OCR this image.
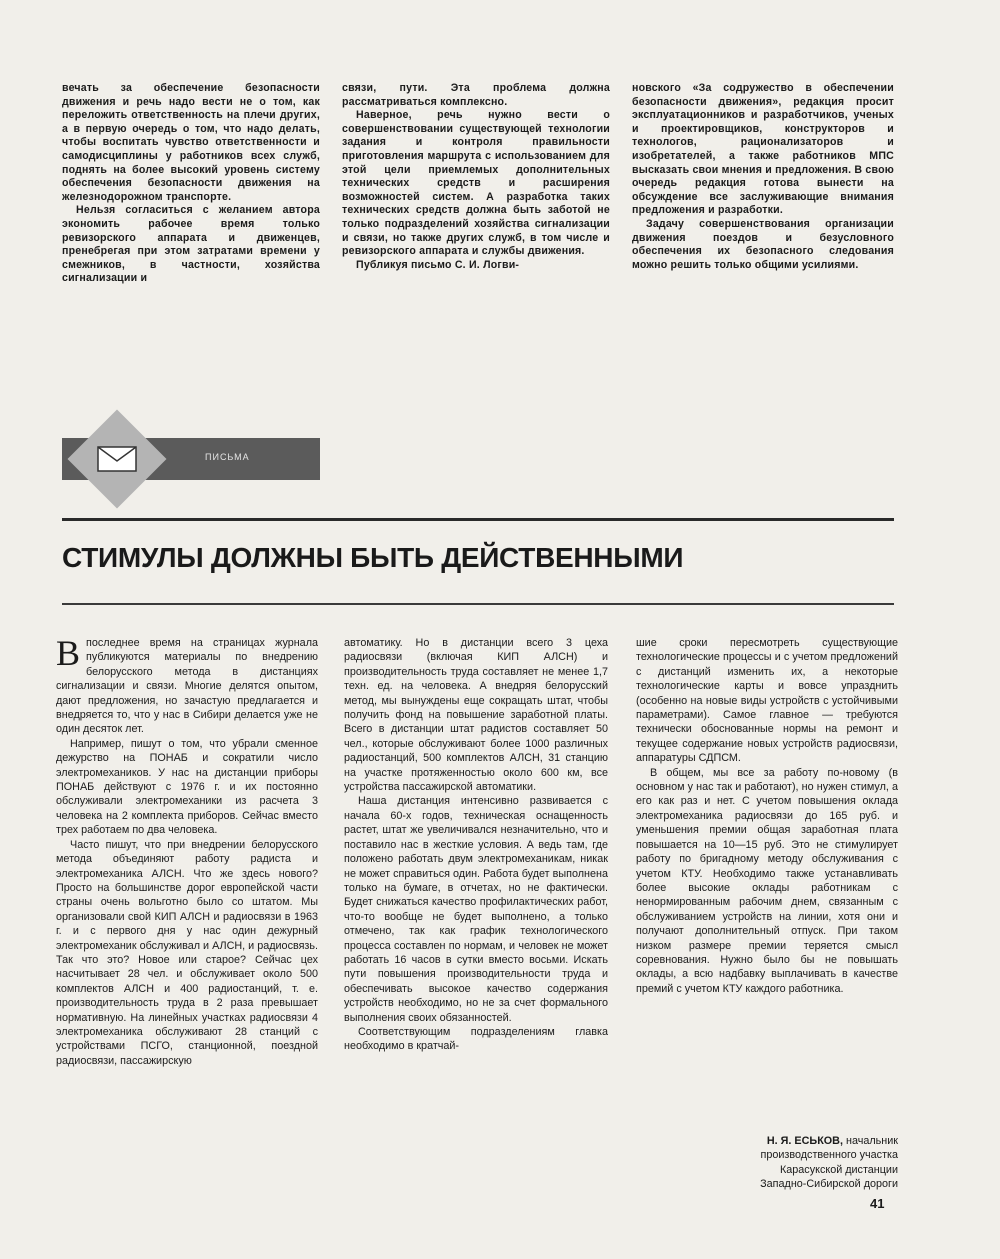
вечать за обеспечение безопасности движения и речь надо вести не о том, как переложить ответственность на плечи других, а в первую очередь о том, что надо делать, чтобы воспитать чувство ответственности и самодисциплины у работников всех служб, поднять на более высокий уровень систему обеспечения безопасности движения на железнодорожном транспорте.

Нельзя согласиться с желанием автора экономить рабочее время только ревизорского аппарата и движенцев, пренебрегая при этом затратами времени у смежников, в частности, хозяйства сигнализации и

связи, пути. Эта проблема должна рассматриваться комплексно.

Наверное, речь нужно вести о совершенствовании существующей технологии задания и контроля правильности приготовления маршрута с использованием для этой цели приемлемых дополнительных технических средств и расширения возможностей систем. А разработка таких технических средств должна быть заботой не только подразделений хозяйства сигнализации и связи, но также других служб, в том числе и ревизорского аппарата и службы движения.

Публикуя письмо С. И. Логви-

новского «За содружество в обеспечении безопасности движения», редакция просит эксплуатационников и разработчиков, ученых и проектировщиков, конструкторов и технологов, рационализаторов и изобретателей, а также работников МПС высказать свои мнения и предложения. В свою очередь редакция готова вынести на обсуждение все заслуживающие внимания предложения и разработки.

Задачу совершенствования организации движения поездов и безусловного обеспечения их безопасного следования можно решить только общими усилиями.

ПИСЬМА
СТИМУЛЫ ДОЛЖНЫ БЫТЬ ДЕЙСТВЕННЫМИ

Впоследнее время на страницах журнала публикуются материалы по внедрению белорусского метода в дистанциях сигнализации и связи. Многие делятся опытом, дают предложения, но зачастую предлагается и внедряется то, что у нас в Сибири делается уже не один десяток лет.

Например, пишут о том, что убрали сменное дежурство на ПОНАБ и сократили число электромехаников. У нас на дистанции приборы ПОНАБ действуют с 1976 г. и их постоянно обслуживали электромеханики из расчета 3 человека на 2 комплекта приборов. Сейчас вместо трех работаем по два человека.

Часто пишут, что при внедрении белорусского метода объединяют работу радиста и электромеханика АЛСН. Что же здесь нового? Просто на большинстве дорог европейской части страны очень вольготно было со штатом. Мы организовали свой КИП АЛСН и радиосвязи в 1963 г. и с первого дня у нас один дежурный электромеханик обслуживал и АЛСН, и радиосвязь. Так что это? Новое или старое? Сейчас цех насчитывает 28 чел. и обслуживает около 500 комплектов АЛСН и 400 радиостанций, т. е. производительность труда в 2 раза превышает нормативную. На линейных участках радиосвязи 4 электромеханика обслуживают 28 станций с устройствами ПСГО, станционной, поездной радиосвязи, пассажирскую

автоматику. Но в дистанции всего 3 цеха радиосвязи (включая КИП АЛСН) и производительность труда составляет не менее 1,7 техн. ед. на человека. А внедряя белорусский метод, мы вынуждены еще сокращать штат, чтобы получить фонд на повышение заработной платы. Всего в дистанции штат радистов составляет 50 чел., которые обслуживают более 1000 различных радиостанций, 500 комплектов АЛСН, 31 станцию на участке протяженностью около 600 км, все устройства пассажирской автоматики.

Наша дистанция интенсивно развивается с начала 60-х годов, техническая оснащенность растет, штат же увеличивался незначительно, что и поставило нас в жесткие условия. А ведь там, где положено работать двум электромеханикам, никак не может справиться один. Работа будет выполнена только на бумаге, в отчетах, но не фактически. Будет снижаться качество профилактических работ, что-то вообще не будет выполнено, а только отмечено, так как график технологического процесса составлен по нормам, и человек не может работать 16 часов в сутки вместо восьми. Искать пути повышения производительности труда и обеспечивать высокое качество содержания устройств необходимо, но не за счет формального выполнения своих обязанностей.

Соответствующим подразделениям главка необходимо в кратчай-

шие сроки пересмотреть существующие технологические процессы и с учетом предложений с дистанций изменить их, а некоторые технологические карты и вовсе упразднить (особенно на новые виды устройств с устойчивыми параметрами). Самое главное — требуются технически обоснованные нормы на ремонт и текущее содержание новых устройств радиосвязи, аппаратуры СДПСМ.

В общем, мы все за работу по-новому (в основном у нас так и работают), но нужен стимул, а его как раз и нет. С учетом повышения оклада электромеханика радиосвязи до 165 руб. и уменьшения премии общая заработная плата повышается на 10—15 руб. Это не стимулирует работу по бригадному методу обслуживания с учетом КТУ. Необходимо также устанавливать более высокие оклады работникам с ненормированным рабочим днем, связанным с обслуживанием устройств на линии, хотя они и получают дополнительный отпуск. При таком низком размере премии теряется смысл соревнования. Нужно было бы не повышать оклады, а всю надбавку выплачивать в качестве премий с учетом КТУ каждого работника.

Н. Я. ЕСЬКОВ, начальник
производственного участка
Карасукской дистанции
Западно-Сибирской дороги
41
